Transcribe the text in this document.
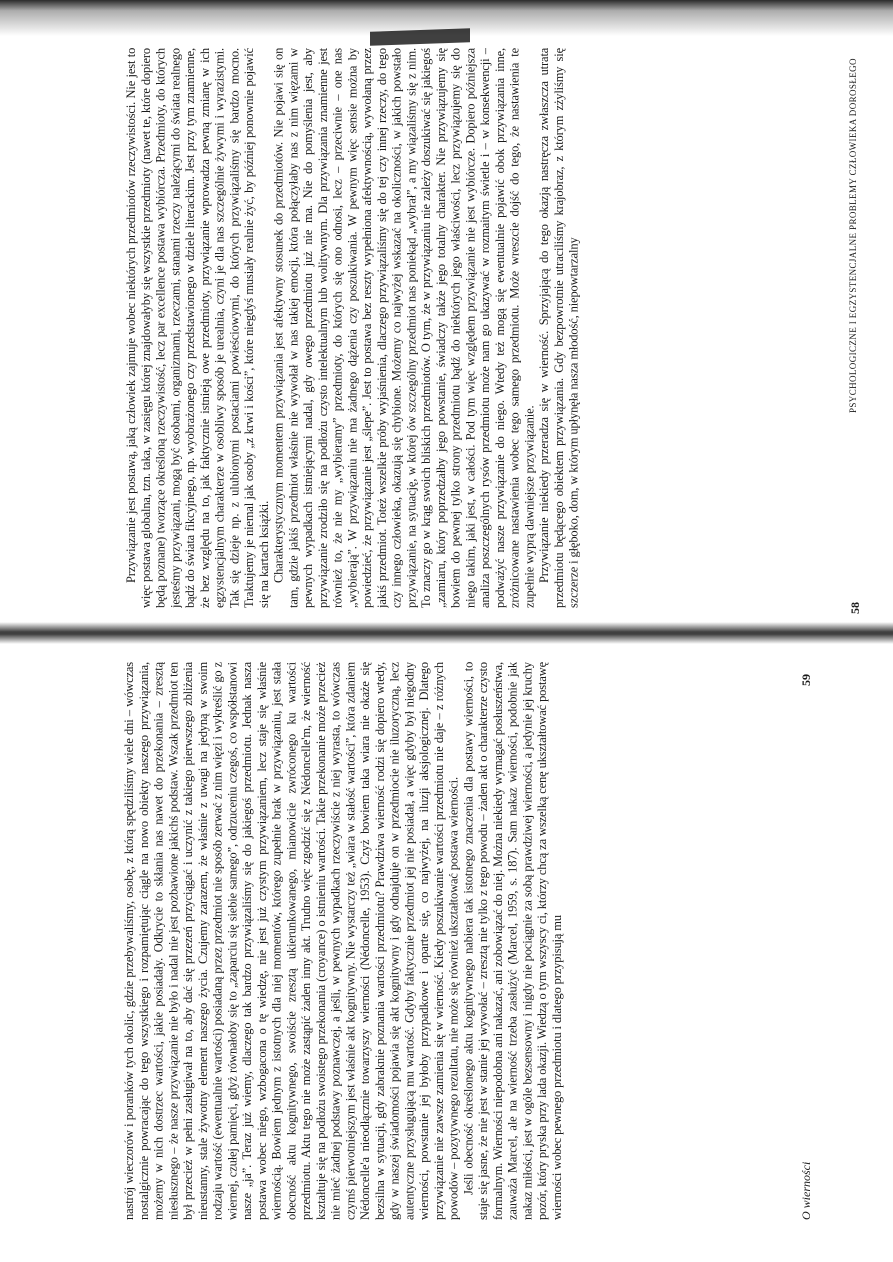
58
PSYCHOLOGICZNE I EGZYSTENCJALNE PROBLEMY CZŁOWIEKA DOROSŁEGO

Przywiązanie jest postawą, jaką człowiek zajmuje wobec niektórych przedmiotów rzeczywistości. Nie jest to więc postawa globalna, tzn. taka, w zasięgu której znajdowałyby się wszystkie przedmioty (nawet te, które dopiero będą poznane) tworzące określoną rzeczywistość, lecz par excellence postawa wybiórcza. Przedmioty, do których jesteśmy przywiązani, mogą być osobami, organizmami, rzeczami, stanami rzeczy należącymi do świata realnego bądź do świata fikcyjnego, np. wyobrażonego czy przedstawionego w dziele literackim. Jest przy tym znamienne, że bez względu na to, jak faktycznie istnieją owe przedmioty, przywiązanie wprowadza pewną zmianę w ich egzystencjalnym charakterze w osobliwy sposób je urealnia, czyni je dla nas szczególnie żywymi i wyrazistymi. Tak się dzieje np. z ulubionymi postaciami powieściowymi, do których przywiązaliśmy się bardzo mocno. Traktujemy je niemal jak osoby „z krwi i kości”, które niegdyś musiały realnie żyć, by później ponownie pojawić się na kartach książki. Charakterystycznym momentem przywiązania jest afektywny stosunek do przedmiotów. Nie pojawi się on tam, gdzie jakiś przedmiot właśnie nie wywołał w nas takiej emocji, która połączyłaby nas z nim więzami w pewnych wypadkach istniejącymi nadal, gdy owego przedmiotu już nie ma. Nie do pomyślenia jest, aby przywiązanie zrodziło się na podłożu czysto intelektualnym lub wolitywnym. Dla przywiązania znamienne jest również to, że nie my „wybieramy” przedmioty, do których się ono odnosi, lecz – przeciwnie – one nas „wybierają”. W przywiązaniu nie ma żadnego dążenia czy poszukiwania. W pewnym więc sensie można by powiedzieć, że przywiązanie jest „ślepe”. Jest to postawa bez reszty wypełniona afektywnością, wywołaną przez jakiś przedmiot. Toteż wszelkie próby wyjaśnienia, dlaczego przywiązaliśmy się do tej czy innej rzeczy, do tego czy innego człowieka, okazują się chybione. Możemy co najwyżej wskazać na okoliczności, w jakich powstało przywiązanie, na sytuację, w której ów szczególny przedmiot nas poniekąd „wybrał”, a my wiązaliśmy się z nim. To znaczy go w krąg swoich bliskich przedmiotów. O tym, że w przywiązaniu nie zależy doszukiwać się jakiegoś „zamiaru, który poprzedzałby jego powstanie, świadczy także jego totalny charakter. Nie przywiązujemy się bowiem do pewnej tylko strony przedmiotu bądź do niektórych jego właściwości, lecz przywiązujemy się do niego takim, jaki jest, w całości. Pod tym więc względem przywiązanie nie jest wybiórcze. Dopiero późniejsza analiza poszczególnych rysów przedmiotu może nam go ukazywać w rozmaitym świetle i – w konsekwencji – podważyć nasze przywiązanie do niego. Wtedy też mogą się ewentualnie pojawić obok przywiązania inne, zróżnicowane nastawienia wobec tego samego przedmiotu. Może wreszcie dojść do tego, że nastawienia te zupełnie wyprą dawniejsze przywiązanie. Przywiązanie niekiedy przeradza się w wierność. Sprzyjającą do tego okazją nastręcza zwłaszcza utrata przedmiotu będącego obiektem przywiązania. Gdy bezpowrotnie utraciliśmy krajobraz, z którym zżyliśmy się szczerze i głęboko, dom, w którym upłynęła nasza młodość, niepowtarzalny

O wierności
59

nastrój wieczorów i poranków tych okolic, gdzie przebywaliśmy, osobę, z którą spędziliśmy wiele dni – wówczas nostalgicznie powracając do tego wszystkiego i rozpamiętując ciągle na nowo obiekty naszego przywiązania, możemy w nich dostrzec wartości, jakie posiadały. Odkrycie to skłania nas nawet do przekonania – zresztą niesłusznego – że nasze przywiązanie nie było i nadal nie jest pozbawione jakichś podstaw. Wszak przedmiot ten był przecież w pełni zasługiwał na to, aby dać się przezeń przyciągać i uczynić z takiego pierwszego zbliżenia nieustanny, stale żywotny element naszego życia. Czujemy zarazem, że właśnie z uwagi na jedyną w swoim rodzaju wartość (ewentualnie wartości) posiadaną przez przedmiot nie sposób zerwać z nim więzi i wykreślić go z wiernej, czułej pamięci, gdyż równałoby się to „zaparciu się siebie samego”, odrzuceniu czegoś, co współstanowi nasze „ja”. Teraz już wiemy, dlaczego tak bardzo przywiązaliśmy się do jakiegoś przedmiotu. Jednak nasza postawa wobec niego, wzbogacona o tę wiedzę, nie jest już czystym przywiązaniem, lecz staje się właśnie wiernością. Bowiem jednym z istotnych dla niej momentów, którego zupełnie brak w przywiązaniu, jest stała obecność aktu kognitywnego, swoiście zresztą ukierunkowanego, mianowicie zwróconego ku wartości przedmiotu. Aktu tego nie może zastąpić żaden inny akt. Trudno więc zgodzić się z Nédoncelle'm, że wierność kształtuje się na podłożu swoistego przekonania (croyance) o istnieniu wartości. Takie przekonanie może przecież nie mieć żadnej podstawy poznawczej, a jeśli, w pewnych wypadkach rzeczywiście z niej wyrasta, to wówczas czymś pierwotniejszym jest właśnie akt kognitywny. Nie wystarczy też „wiara w stałość wartości”, która zdaniem Nédoncelle'a nieodłącznie towarzyszy wierności (Nédoncelle, 1953). Czyż bowiem taka wiara nie okaże się bezsilna w sytuacji, gdy zabraknie poznania wartości przedmiotu? Prawdziwa wierność rodzi się dopiero wtedy, gdy w naszej świadomości pojawia się akt kognitywny i gdy odnajduje on w przedmiocie nie iluzoryczną, lecz autentyczne przysługującą mu wartość. Gdyby faktycznie przedmiot jej nie posiadał, a więc gdyby był niegodny wierności, powstanie jej byłoby przypadkowe i oparte się, co najwyżej, na iluzji aksjologicznej. Dlatego przywiązanie nie zawsze zamienia się w wierność. Kiedy poszukiwanie wartości przedmiotu nie daje – z różnych powodów – pozytywnego rezultatu, nie może się również ukształtować postawa wierności. Jeśli obecność określonego aktu kognitywnego nabiera tak istotnego znaczenia dla postawy wierności, to staje się jasne, że nie jest w stanie jej wywołać – zresztą nie tylko z tego powodu – żaden akt o charakterze czysto formalnym. Wierności niepodobna ani nakazać, ani zobowiązać do niej. Można niekiedy wymagać posłuszeństwa, zauważa Marcel, ale na wierność trzeba zasłużyć (Marcel, 1959, s. 187). Sam nakaz wierności, podobnie jak nakaz miłości, jest w ogóle bezsensowny i nigdy nie pociągnie za sobą prawdziwej wierności, a jedynie jej kruchy pozór, który pryska przy lada okazji. Wiedzą o tym wszyscy ci, którzy chcą za wszelką cenę ukształtować postawę wierności wobec pewnego przedmiotu i dlatego przypisują mu
